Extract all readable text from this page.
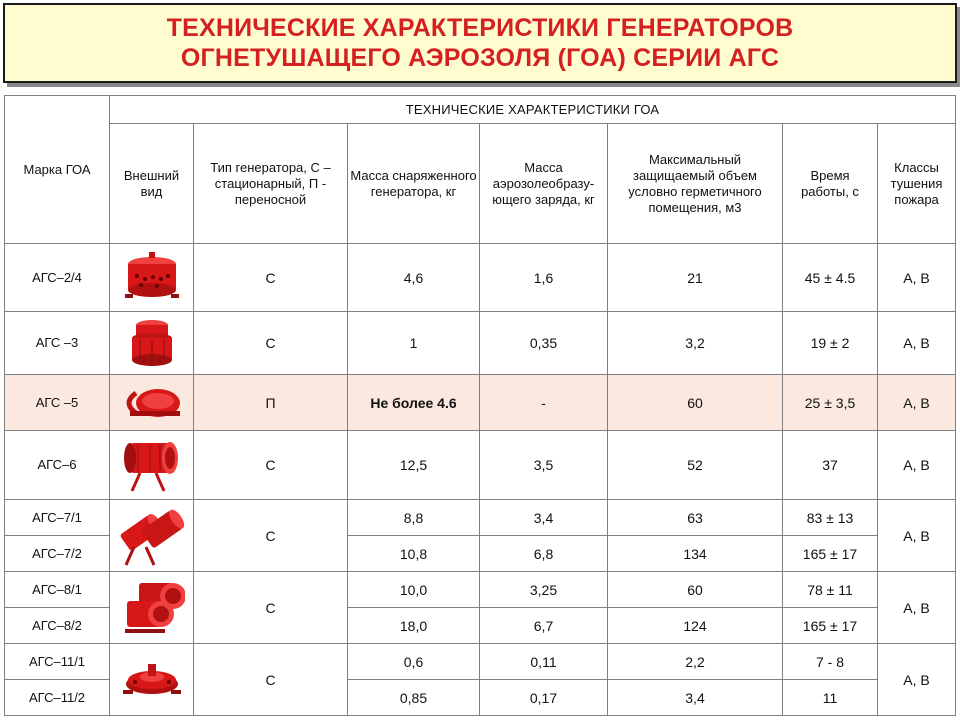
ТЕХНИЧЕСКИЕ ХАРАКТЕРИСТИКИ ГЕНЕРАТОРОВ
ОГНЕТУШАЩЕГО АЭРОЗОЛЯ (ГОА) СЕРИИ АГС
Марка ГОА	ТЕХНИЧЕСКИЕ ХАРАКТЕРИСТИКИ ГОА						
	Внешний вид	Тип генератора, С – стационарный, П - переносной	Масса снаряженного генератора, кг	Масса аэрозолеобразу-ющего заряда, кг	Максимальный защищаемый объем условно герметичного помещения, м3	Время работы, с	Классы тушения пожара
АГС–2/4		С	4,6	1,6	21	45 ± 4.5	А, В
АГС –3		С	1	0,35	3,2	19 ± 2	А, В
АГС –5		П	Не более 4.6	-	60	25 ± 3,5	А, В
АГС–6		С	12,5	3,5	52	37	А, В
АГС–7/1		С	8,8	3,4	63	83 ± 13	А, В
АГС–7/2			10,8	6,8	134	165 ± 17	
АГС–8/1		С	10,0	3,25	60	78 ± 11	А, В
АГС–8/2			18,0	6,7	124	165 ± 17	
АГС–11/1		С	0,6	0,11	2,2	7 - 8	А, В
АГС–11/2			0,85	0,17	3,4	11	
